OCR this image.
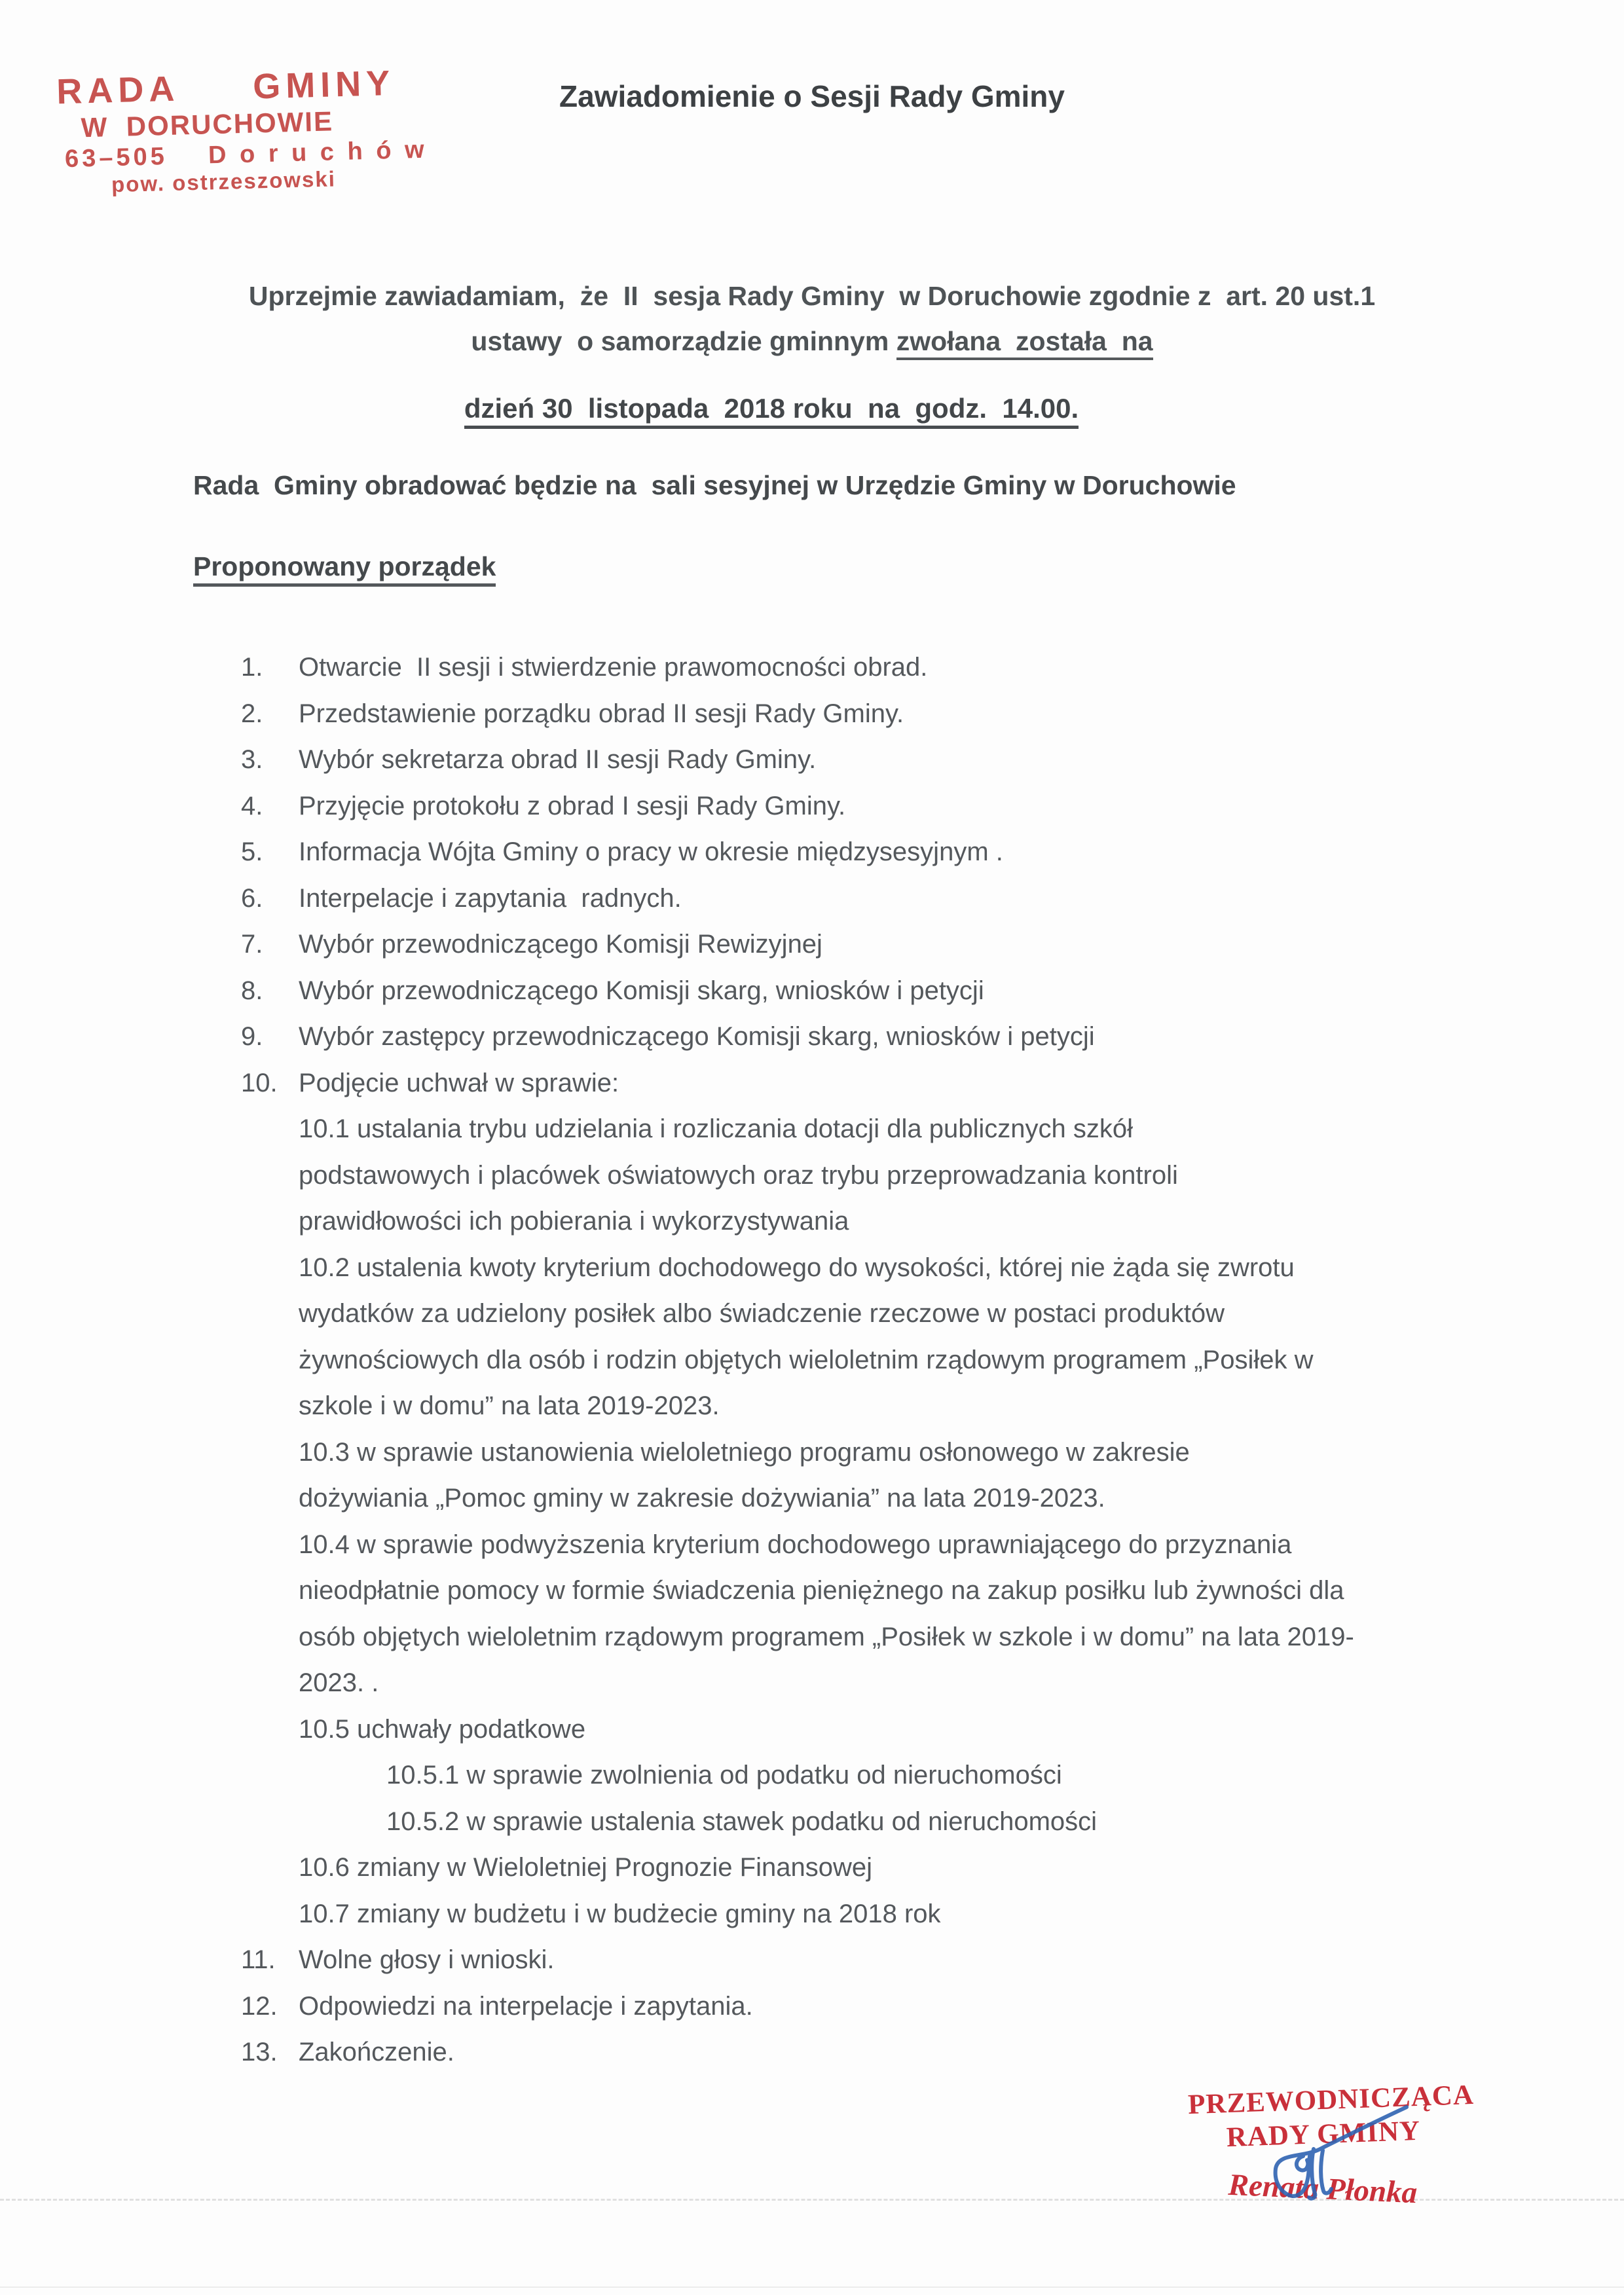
RADA  GMINY
W  DORUCHOWIE
63–505    D o r u c h ó w
pow. ostrzeszowski
Zawiadomienie o Sesji Rady Gminy
Uprzejmie zawiadamiam,  że  II  sesja Rady Gminy  w Doruchowie zgodnie z  art. 20 ust.1
ustawy  o samorządzie gminnym zwołana  została  na
dzień 30  listopada  2018 roku  na  godz.  14.00.
Rada  Gminy obradować będzie na  sali sesyjnej w Urzędzie Gminy w Doruchowie
Proponowany porządek
1. Otwarcie  II sesji i stwierdzenie prawomocności obrad.
2. Przedstawienie porządku obrad II sesji Rady Gminy.
3. Wybór sekretarza obrad II sesji Rady Gminy.
4. Przyjęcie protokołu z obrad I sesji Rady Gminy.
5. Informacja Wójta Gminy o pracy w okresie międzysesyjnym .
6. Interpelacje i zapytania  radnych.
7. Wybór przewodniczącego Komisji Rewizyjnej
8. Wybór przewodniczącego Komisji skarg, wniosków i petycji
9. Wybór zastępcy przewodniczącego Komisji skarg, wniosków i petycji
10. Podjęcie uchwał w sprawie:
10.1 ustalania trybu udzielania i rozliczania dotacji dla publicznych szkół
podstawowych i placówek oświatowych oraz trybu przeprowadzania kontroli
prawidłowości ich pobierania i wykorzystywania
10.2 ustalenia kwoty kryterium dochodowego do wysokości, której nie żąda się zwrotu
wydatków za udzielony posiłek albo świadczenie rzeczowe w postaci produktów
żywnościowych dla osób i rodzin objętych wieloletnim rządowym programem „Posiłek w
szkole i w domu” na lata 2019-2023.
10.3 w sprawie ustanowienia wieloletniego programu osłonowego w zakresie
dożywiania „Pomoc gminy w zakresie dożywiania” na lata 2019-2023.
10.4 w sprawie podwyższenia kryterium dochodowego uprawniającego do przyznania
nieodpłatnie pomocy w formie świadczenia pieniężnego na zakup posiłku lub żywności dla
osób objętych wieloletnim rządowym programem „Posiłek w szkole i w domu” na lata 2019-
2023. .
10.5 uchwały podatkowe
10.5.1 w sprawie zwolnienia od podatku od nieruchomości
10.5.2 w sprawie ustalenia stawek podatku od nieruchomości
10.6 zmiany w Wieloletniej Prognozie Finansowej
10.7 zmiany w budżetu i w budżecie gminy na 2018 rok
11. Wolne głosy i wnioski.
12. Odpowiedzi na interpelacje i zapytania.
13. Zakończenie.
PRZEWODNICZĄCA
RADY GMINY
Renata Płonka
